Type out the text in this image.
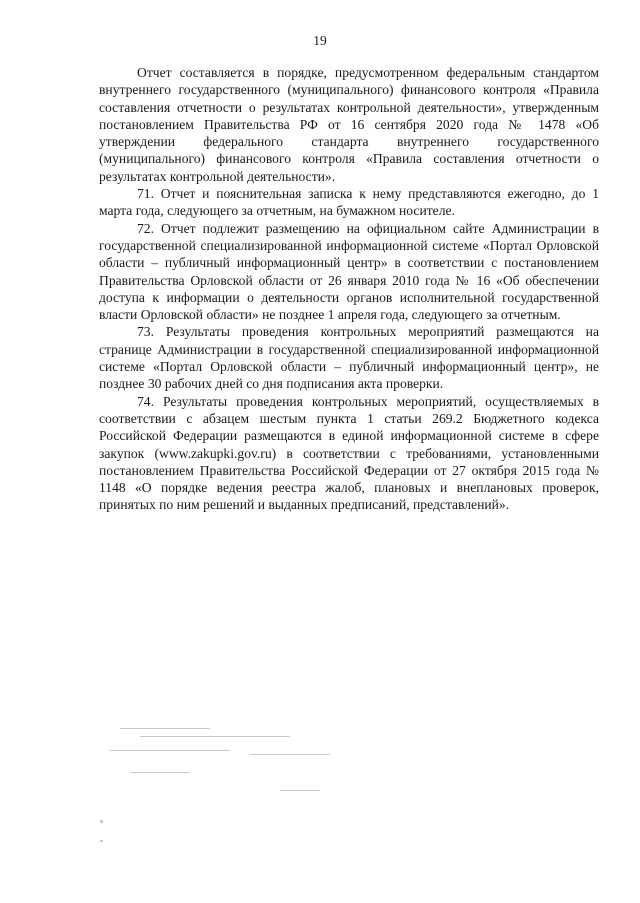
19

Отчет составляется в порядке, предусмотренном федеральным стандартом внутреннего государственного (муниципального) финансового контроля «Правила составления отчетности о результатах контрольной деятельности», утвержденным постановлением Правительства РФ от 16 сентября 2020 года № 1478 «Об утверждении федерального стандарта внутреннего государственного (муниципального) финансового контроля «Правила составления отчетности о результатах контрольной деятельности».

71. Отчет и пояснительная записка к нему представляются ежегодно, до 1 марта года, следующего за отчетным, на бумажном носителе.

72. Отчет подлежит размещению на официальном сайте Администрации в государственной специализированной информационной системе «Портал Орловской области – публичный информационный центр» в соответствии с постановлением Правительства Орловской области от 26 января 2010 года № 16 «Об обеспечении доступа к информации о деятельности органов исполнительной государственной власти Орловской области» не позднее 1 апреля года, следующего за отчетным.

73. Результаты проведения контрольных мероприятий размещаются на странице Администрации в государственной специализированной информационной системе «Портал Орловской области – публичный информационный центр», не позднее 30 рабочих дней со дня подписания акта проверки.

74. Результаты проведения контрольных мероприятий, осуществляемых в соответствии с абзацем шестым пункта 1 статьи 269.2 Бюджетного кодекса Российской Федерации размещаются в единой информационной системе в сфере закупок (www.zakupki.gov.ru) в соответствии с требованиями, установленными постановлением Правительства Российской Федерации от 27 октября 2015 года № 1148 «О порядке ведения реестра жалоб, плановых и внеплановых проверок, принятых по ним решений и выданных предписаний, представлений».
